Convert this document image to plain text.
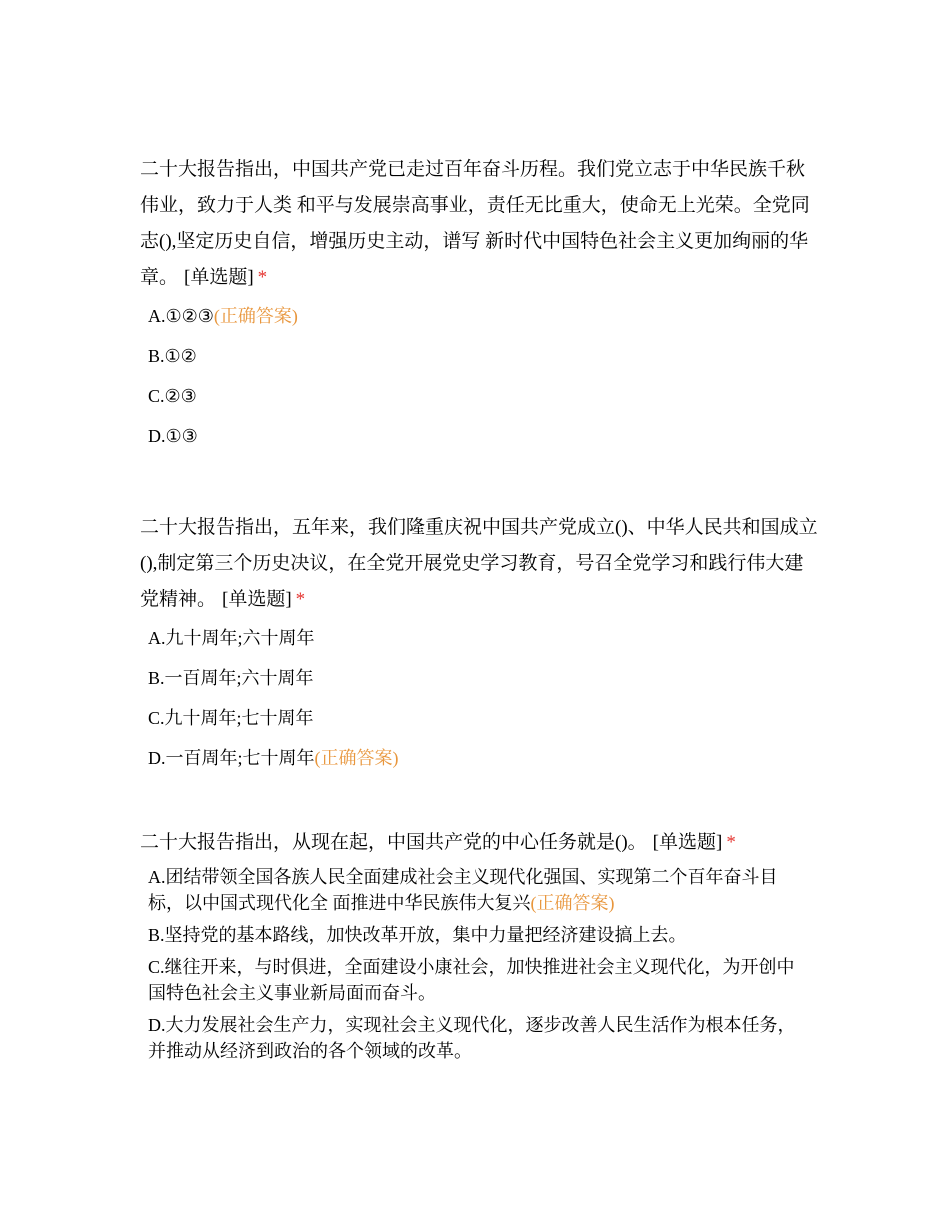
二十大报告指出，中国共产党已走过百年奋斗历程。我们党立志于中华民族千秋伟业，致力于人类 和平与发展崇高事业，责任无比重大，使命无上光荣。全党同志(),坚定历史自信，增强历史主动，谱写 新时代中国特色社会主义更加绚丽的华章。 [单选题] *

A.①②③(正确答案)
B.①②
C.②③
D.①③

二十大报告指出，五年来，我们隆重庆祝中国共产党成立()、中华人民共和国成立(),制定第三个历史决议，在全党开展党史学习教育，号召全党学习和践行伟大建党精神。 [单选题] *

A.九十周年;六十周年
B.一百周年;六十周年
C.九十周年;七十周年
D.一百周年;七十周年(正确答案)

二十大报告指出，从现在起，中国共产党的中心任务就是()。 [单选题] *

A.团结带领全国各族人民全面建成社会主义现代化强国、实现第二个百年奋斗目标，以中国式现代化全 面推进中华民族伟大复兴(正确答案)
B.坚持党的基本路线，加快改革开放，集中力量把经济建设搞上去。
C.继往开来，与时俱进，全面建设小康社会，加快推进社会主义现代化，为开创中国特色社会主义事业新局面而奋斗。
D.大力发展社会生产力，实现社会主义现代化，逐步改善人民生活作为根本任务，并推动从经济到政治的各个领域的改革。
